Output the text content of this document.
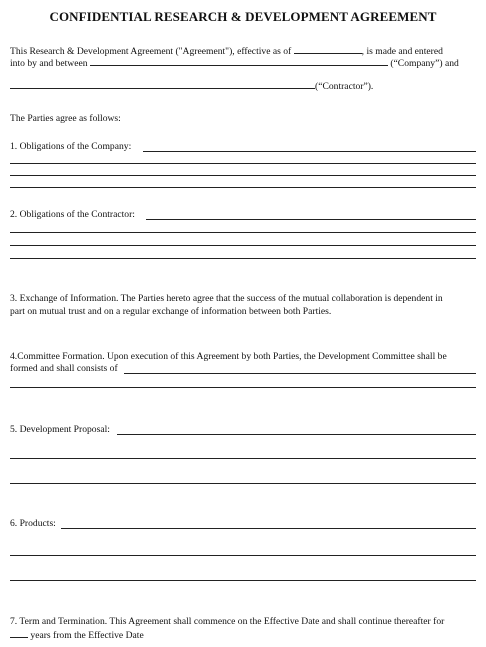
CONFIDENTIAL RESEARCH & DEVELOPMENT AGREEMENT
This Research & Development Agreement ("Agreement"), effective as of	, is made and entered
into by and between	(“Company”) and
(“Contractor”).
The Parties agree as follows:
1. Obligations of the Company:
2. Obligations of the Contractor:
3. Exchange of Information. The Parties hereto agree that the success of the mutual collaboration is dependent in
part on mutual trust and on a regular exchange of information between both Parties.
4.Committee Formation. Upon execution of this Agreement by both Parties, the Development Committee shall be
formed and shall consists of
5. Development Proposal:
6. Products:
7. Term and Termination. This Agreement shall commence on the Effective Date and shall continue thereafter for
years from the Effective Date
